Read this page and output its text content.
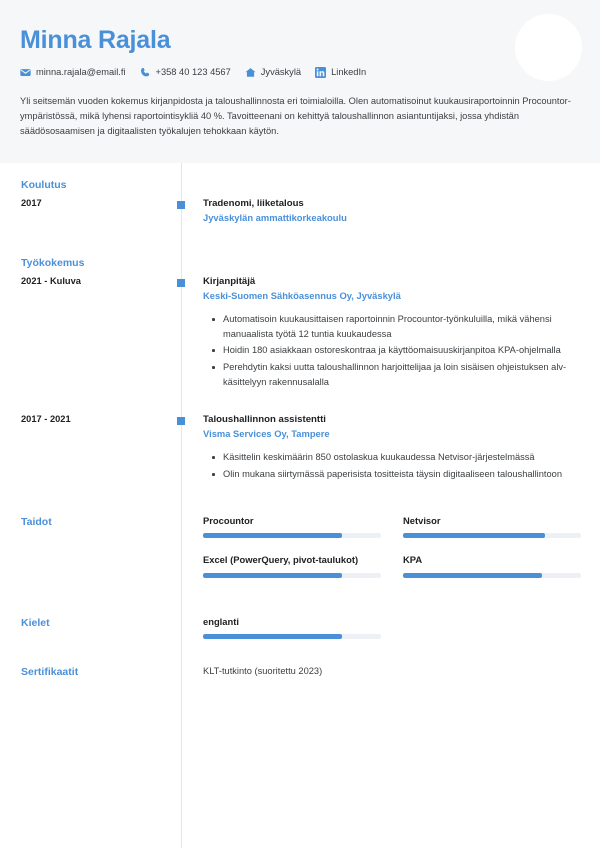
Minna Rajala
minna.rajala@email.fi	+358 40 123 4567	Jyväskylä	LinkedIn
Yli seitsemän vuoden kokemus kirjanpidosta ja taloushallinnosta eri toimialoilla. Olen automatisoinut kuukausiraportoinnin Procountor-ympäristössä, mikä lyhensi raportointisykliä 40 %. Tavoitteenani on kehittyä taloushallinnon asiantuntijaksi, jossa yhdistän säädösosaamisen ja digitaalisten työkalujen tehokkaan käytön.
Koulutus
2017	Tradenomi, liiketalous
Jyväskylän ammattikorkeakoulu
Työkokemus
2021 - Kuluva	Kirjanpitäjä
Keski-Suomen Sähköasennus Oy, Jyväskylä
Automatisoin kuukausittaisen raportoinnin Procountor-työnkuluilla, mikä vähensi manuaalista työtä 12 tuntia kuukaudessa
Hoidin 180 asiakkaan ostoreskontraa ja käyttöomaisuuskirjanpitoa KPA-ohjelmalla
Perehdytin kaksi uutta taloushallinnon harjoittelijaa ja loin sisäisen ohjeistuksen alv-käsittelyyn rakennusalalla
2017 - 2021	Taloushallinnon assistentti
Visma Services Oy, Tampere
Käsittelin keskimäärin 850 ostolaskua kuukaudessa Netvisor-järjestelmässä
Olin mukana siirtymässä paperisista tositteista täysin digitaaliseen taloushallintoon
Taidot	Procountor	Netvisor
Excel (PowerQuery, pivot-taulukot)	KPA
Kielet	englanti
Sertifikaatit	KLT-tutkinto (suoritettu 2023)
